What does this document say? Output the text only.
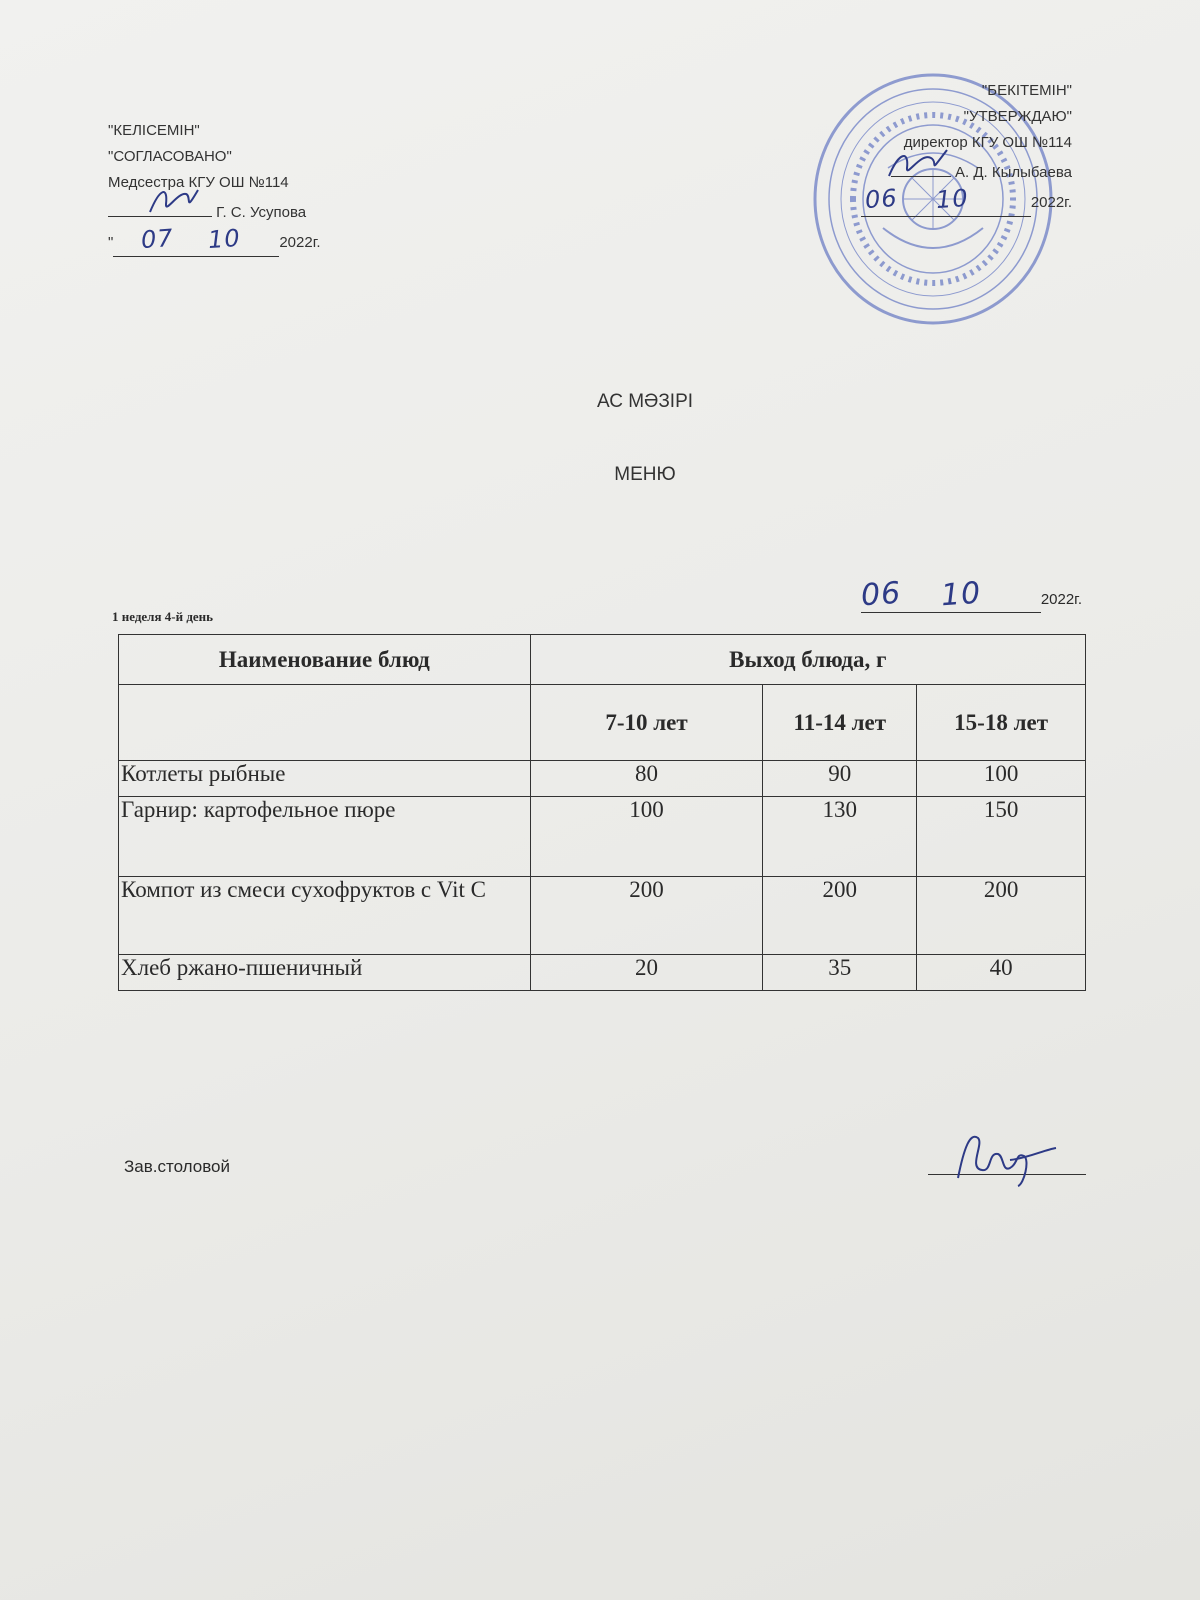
"КЕЛІСЕМІН"
"СОГЛАСОВАНО"
Медсестра КГУ ОШ №114
Г. С. Усупова
" 07 10	2022г.
"БЕКІТЕМІН"
"УТВЕРЖДАЮ"
директор КГУ ОШ №114
А. Д. Кылыбаева
06 10	2022г.
АС МӘЗІРІ
МЕНЮ
1 неделя 4-й день
06 10	2022г.
Наименование блюд	Выход блюда, г		
	7-10 лет	11-14 лет	15-18 лет
Котлеты рыбные	80	90	100
Гарнир: картофельное пюре	100	130	150
Компот из смеси сухофруктов с Vit C	200	200	200
Хлеб ржано-пшеничный	20	35	40
Зав.столовой
